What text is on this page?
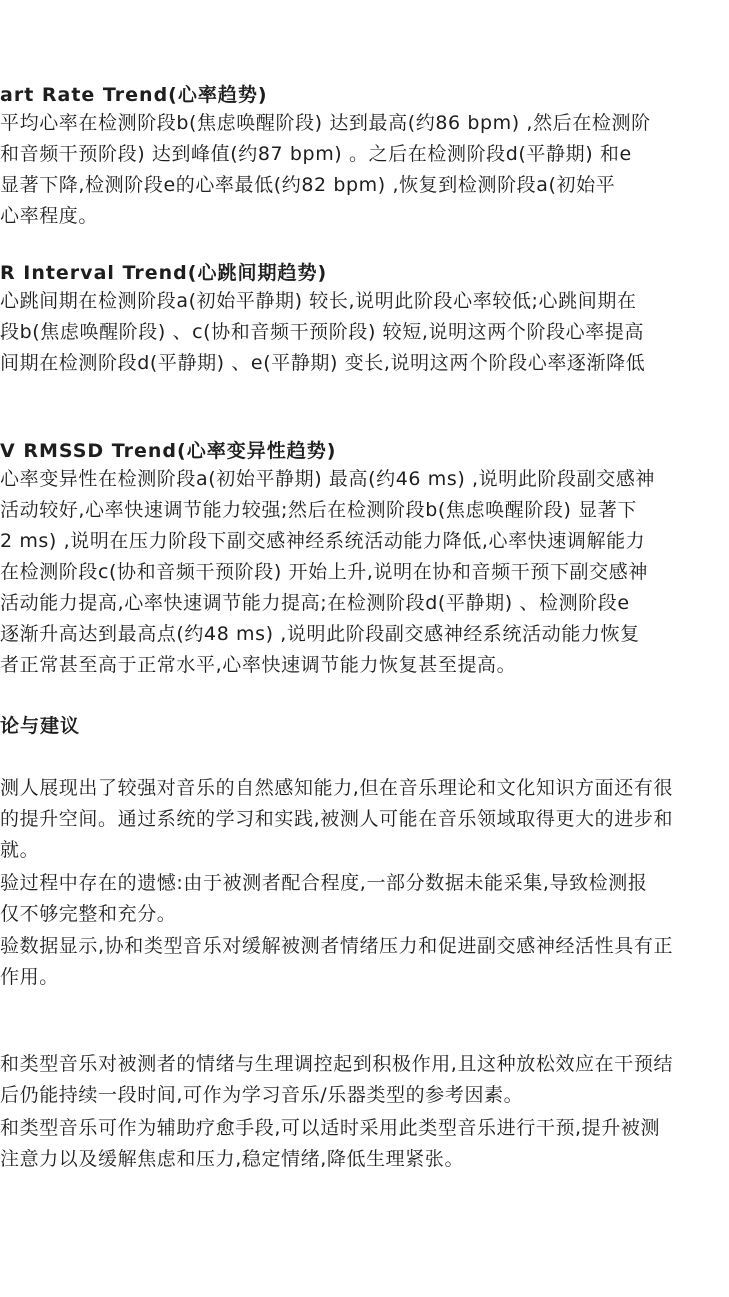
art Rate Trend(心率趋势)
平均心率在检测阶段b(焦虑唤醒阶段) 达到最高(约86 bpm) ,然后在检测阶
和音频干预阶段) 达到峰值(约87 bpm) 。之后在检测阶段d(平静期) 和e
显著下降,检测阶段e的心率最低(约82 bpm) ,恢复到检测阶段a(初始平
心率程度。
R Interval Trend(心跳间期趋势)
心跳间期在检测阶段a(初始平静期) 较长,说明此阶段心率较低;心跳间期在
段b(焦虑唤醒阶段) 、c(协和音频干预阶段) 较短,说明这两个阶段心率提高
间期在检测阶段d(平静期) 、e(平静期) 变长,说明这两个阶段心率逐渐降低
V RMSSD Trend(心率变异性趋势)
心率变异性在检测阶段a(初始平静期) 最高(约46 ms) ,说明此阶段副交感神
活动较好,心率快速调节能力较强;然后在检测阶段b(焦虑唤醒阶段) 显著下
2 ms) ,说明在压力阶段下副交感神经系统活动能力降低,心率快速调解能力
在检测阶段c(协和音频干预阶段) 开始上升,说明在协和音频干预下副交感神
活动能力提高,心率快速调节能力提高;在检测阶段d(平静期) 、检测阶段e
逐渐升高达到最高点(约48 ms) ,说明此阶段副交感神经系统活动能力恢复
者正常甚至高于正常水平,心率快速调节能力恢复甚至提高。
论与建议
测人展现出了较强对音乐的自然感知能力,但在音乐理论和文化知识方面还有很
的提升空间。通过系统的学习和实践,被测人可能在音乐领域取得更大的进步和
就。
验过程中存在的遗憾:由于被测者配合程度,一部分数据未能采集,导致检测报
仅不够完整和充分。
验数据显示,协和类型音乐对缓解被测者情绪压力和促进副交感神经活性具有正
作用。
和类型音乐对被测者的情绪与生理调控起到积极作用,且这种放松效应在干预结
后仍能持续一段时间,可作为学习音乐/乐器类型的参考因素。
和类型音乐可作为辅助疗愈手段,可以适时采用此类型音乐进行干预,提升被测
注意力以及缓解焦虑和压力,稳定情绪,降低生理紧张。
